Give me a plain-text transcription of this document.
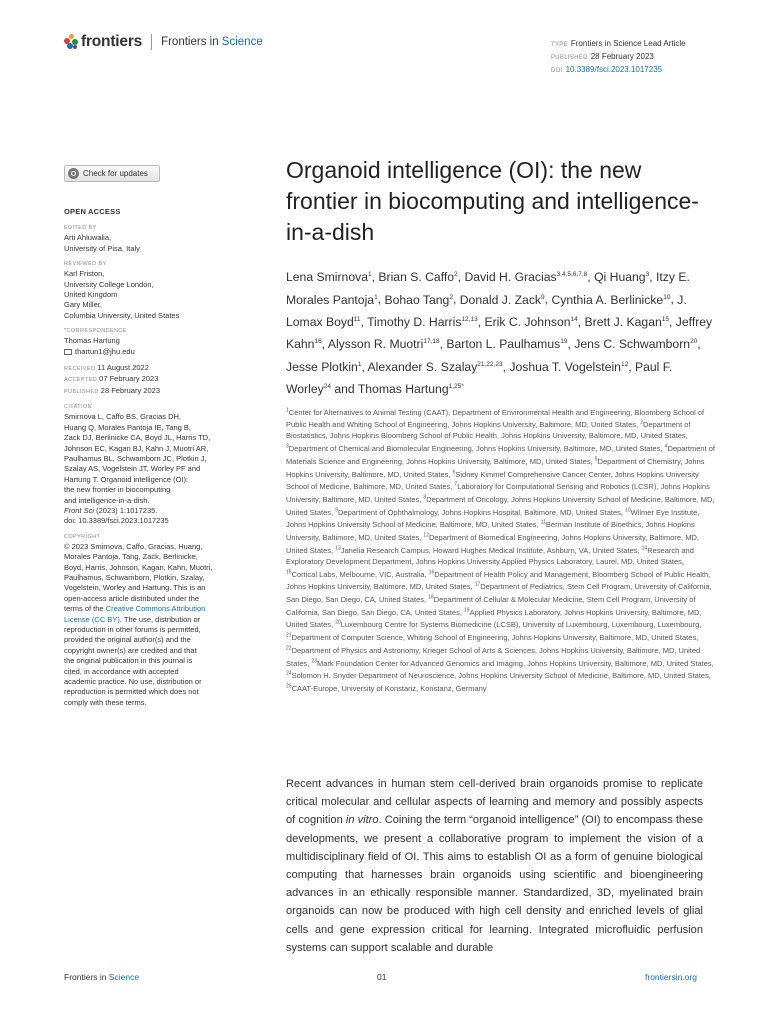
frontiers Frontiers in Science	TYPE Frontiers in Science Lead Article
PUBLISHED 28 February 2023
DOI 10.3389/fsci.2023.1017235
Check for updates
OPEN ACCESS
EDITED BY
Arti Ahluwalia,
University of Pisa, Italy
REVIEWED BY
Karl Friston,
University College London,
United Kingdom
Gary Miller,
Columbia University, United States
*CORRESPONDENCE
Thomas Hartung
thartun1@jhu.edu
RECEIVED 11 August 2022
ACCEPTED 07 February 2023
PUBLISHED 28 February 2023
CITATION
Smirnova L, Caffo BS, Gracias DH,
Huang Q, Morales Pantoja IE, Tang B,
Zack DJ, Berlinicke CA, Boyd JL, Harris TD,
Johnson EC, Kagan BJ, Kahn J, Muotri AR,
Paulhamus BL, Schwamborn JC, Plotkin J,
Szalay AS, Vogelstein JT, Worley PF and
Hartung T. Organoid intelligence (OI):
the new frontier in biocomputing
and intelligence-in-a-dish.
Front Sci (2023) 1:1017235.
doi: 10.3389/fsci.2023.1017235
COPYRIGHT
© 2023 Smirnova, Caffo, Gracias, Huang,
Morales Pantoja, Tang, Zack, Berlinicke,
Boyd, Harris, Johnson, Kagan, Kahn, Muotri,
Paulhamus, Schwamborn, Plotkin, Szalay,
Vogelstein, Worley and Hartung. This is an
open-access article distributed under the
terms of the Creative Commons Attribution
License (CC BY). The use, distribution or
reproduction in other forums is permitted,
provided the original author(s) and the
copyright owner(s) are credited and that
the original publication in this journal is
cited, in accordance with accepted
academic practice. No use, distribution or
reproduction is permitted which does not
comply with these terms.
Organoid intelligence (OI): the new frontier in biocomputing and intelligence-in-a-dish
Lena Smirnova$^1$, Brian S. Caffo$^2$, David H. Gracias$^{3,4,5,6,7,8}$, Qi Huang$^3$, Itzy E. Morales Pantoja$^1$, Bohao Tang$^2$, Donald J. Zack$^9$, Cynthia A. Berlinicke$^{10}$, J. Lomax Boyd$^{11}$, Timothy D. Harris$^{12,13}$, Erik C. Johnson$^{14}$, Brett J. Kagan$^{15}$, Jeffrey Kahn$^{16}$, Alysson R. Muotri$^{17,18}$, Barton L. Paulhamus$^{19}$, Jens C. Schwamborn$^{20}$, Jesse Plotkin$^1$, Alexander S. Szalay$^{21,22,23}$, Joshua T. Vogelstein$^{12}$, Paul F. Worley$^{24}$ and Thomas Hartung$^{1,25*}$
$^1$Center for Alternatives to Animal Testing (CAAT), Department of Environmental Health and Engineering, Bloomberg School of Public Health and Whiting School of Engineering, Johns Hopkins University, Baltimore, MD, United States, $^2$Department of Biostatistics, Johns Hopkins Bloomberg School of Public Health, Johns Hopkins University, Baltimore, MD, United States, $^3$Department of Chemical and Biomolecular Engineering, Johns Hopkins University, Baltimore, MD, United States, $^4$Department of Materials Science and Engineering, Johns Hopkins University, Baltimore, MD, United States, $^5$Department of Chemistry, Johns Hopkins University, Baltimore, MD, United States, $^6$Sidney Kimmel Comprehensive Cancer Center, Johns Hopkins University School of Medicine, Baltimore, MD, United States, $^7$Laboratory for Computational Sensing and Robotics (LCSR), Johns Hopkins University, Baltimore, MD, United States, $^8$Department of Oncology, Johns Hopkins University School of Medicine, Baltimore, MD, United States, $^9$Department of Ophthalmology, Johns Hopkins Hospital, Baltimore, MD, United States, $^{10}$Wilmer Eye Institute, Johns Hopkins University School of Medicine, Baltimore, MD, United States, $^{11}$Berman Institute of Bioethics, Johns Hopkins University, Baltimore, MD, United States, $^{12}$Department of Biomedical Engineering, Johns Hopkins University, Baltimore, MD, United States, $^{13}$Janelia Research Campus, Howard Hughes Medical Institute, Ashburn, VA, United States, $^{14}$Research and Exploratory Development Department, Johns Hopkins University Applied Physics Laboratory, Laurel, MD, United States, $^{15}$Cortical Labs, Melbourne, VIC, Australia, $^{16}$Department of Health Policy and Management, Bloomberg School of Public Health, Johns Hopkins University, Baltimore, MD, United States, $^{17}$Department of Pediatrics, Stem Cell Program, University of California, San Diego, San Diego, CA, United States, $^{18}$Department of Cellular & Molecular Medicine, Stem Cell Program, University of California, San Diego, San Diego, CA, United States, $^{19}$Applied Physics Laboratory, Johns Hopkins University, Baltimore, MD, United States, $^{20}$Luxembourg Centre for Systems Biomedicine (LCSB), University of Luxembourg, Luxembourg, Luxembourg, $^{21}$Department of Computer Science, Whiting School of Engineering, Johns Hopkins University, Baltimore, MD, United States, $^{22}$Department of Physics and Astronomy, Krieger School of Arts & Sciences, Johns Hopkins University, Baltimore, MD, United States, $^{23}$Mark Foundation Center for Advanced Genomics and Imaging, Johns Hopkins University, Baltimore, MD, United States, $^{24}$Solomon H. Snyder Department of Neuroscience, Johns Hopkins University School of Medicine, Baltimore, MD, United States, $^{25}$CAAT-Europe, University of Konstanz, Konstanz, Germany
Recent advances in human stem cell-derived brain organoids promise to replicate critical molecular and cellular aspects of learning and memory and possibly aspects of cognition in vitro. Coining the term “organoid intelligence” (OI) to encompass these developments, we present a collaborative program to implement the vision of a multidisciplinary field of OI. This aims to establish OI as a form of genuine biological computing that harnesses brain organoids using scientific and bioengineering advances in an ethically responsible manner. Standardized, 3D, myelinated brain organoids can now be produced with high cell density and enriched levels of glial cells and gene expression critical for learning. Integrated microfluidic perfusion systems can support scalable and durable
Frontiers in Science	01	frontiersin.org
